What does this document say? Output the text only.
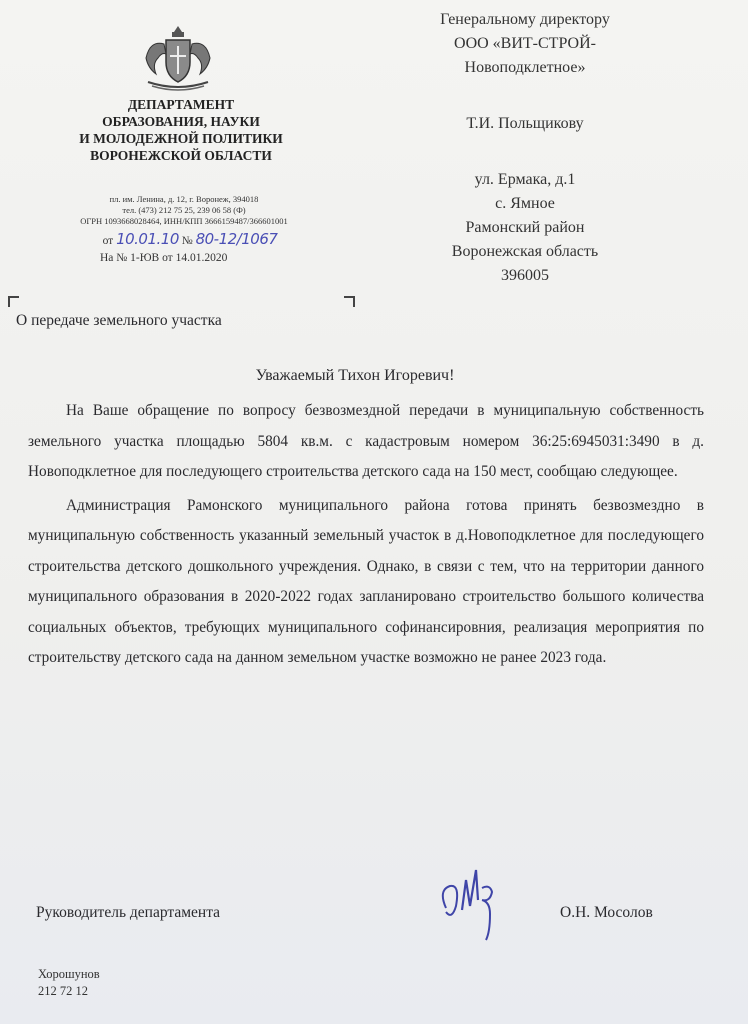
ДЕПАРТАМЕНТ
ОБРАЗОВАНИЯ, НАУКИ
И МОЛОДЕЖНОЙ ПОЛИТИКИ
ВОРОНЕЖСКОЙ ОБЛАСТИ
пл. им. Ленина, д. 12, г. Воронеж, 394018
тел. (473) 212 75 25, 239 06 58 (Ф)
ОГРН 1093668028464, ИНН/КПП 3666159487/366601001
от 10.01.10 № 80-12/1067
На № 1-ЮВ от 14.01.2020
Генеральному директору
ООО «ВИТ-СТРОЙ-
Новоподклетное»
Т.И. Польщикову
ул. Ермака, д.1
с. Ямное
Рамонский район
Воронежская область
396005
О передаче земельного участка
Уважаемый Тихон Игоревич!

На Ваше обращение по вопросу безвозмездной передачи в муниципальную собственность земельного участка площадью 5804 кв.м. с кадастровым номером 36:25:6945031:3490 в д. Новоподклетное для последующего строительства детского сада на 150 мест, сообщаю следующее.

Администрация Рамонского муниципального района готова принять безвозмездно в муниципальную собственность указанный земельный участок в д.Новоподклетное для последующего строительства детского дошкольного учреждения. Однако, в связи с тем, что на территории данного муниципального образования в 2020-2022 годах запланировано строительство большого количества социальных объектов, требующих муниципального софинансировния, реализация мероприятия по строительству детского сада на данном земельном участке возможно не ранее 2023 года.

Руководитель департамента	О.Н. Мосолов
Хорошунов
212 72 12
